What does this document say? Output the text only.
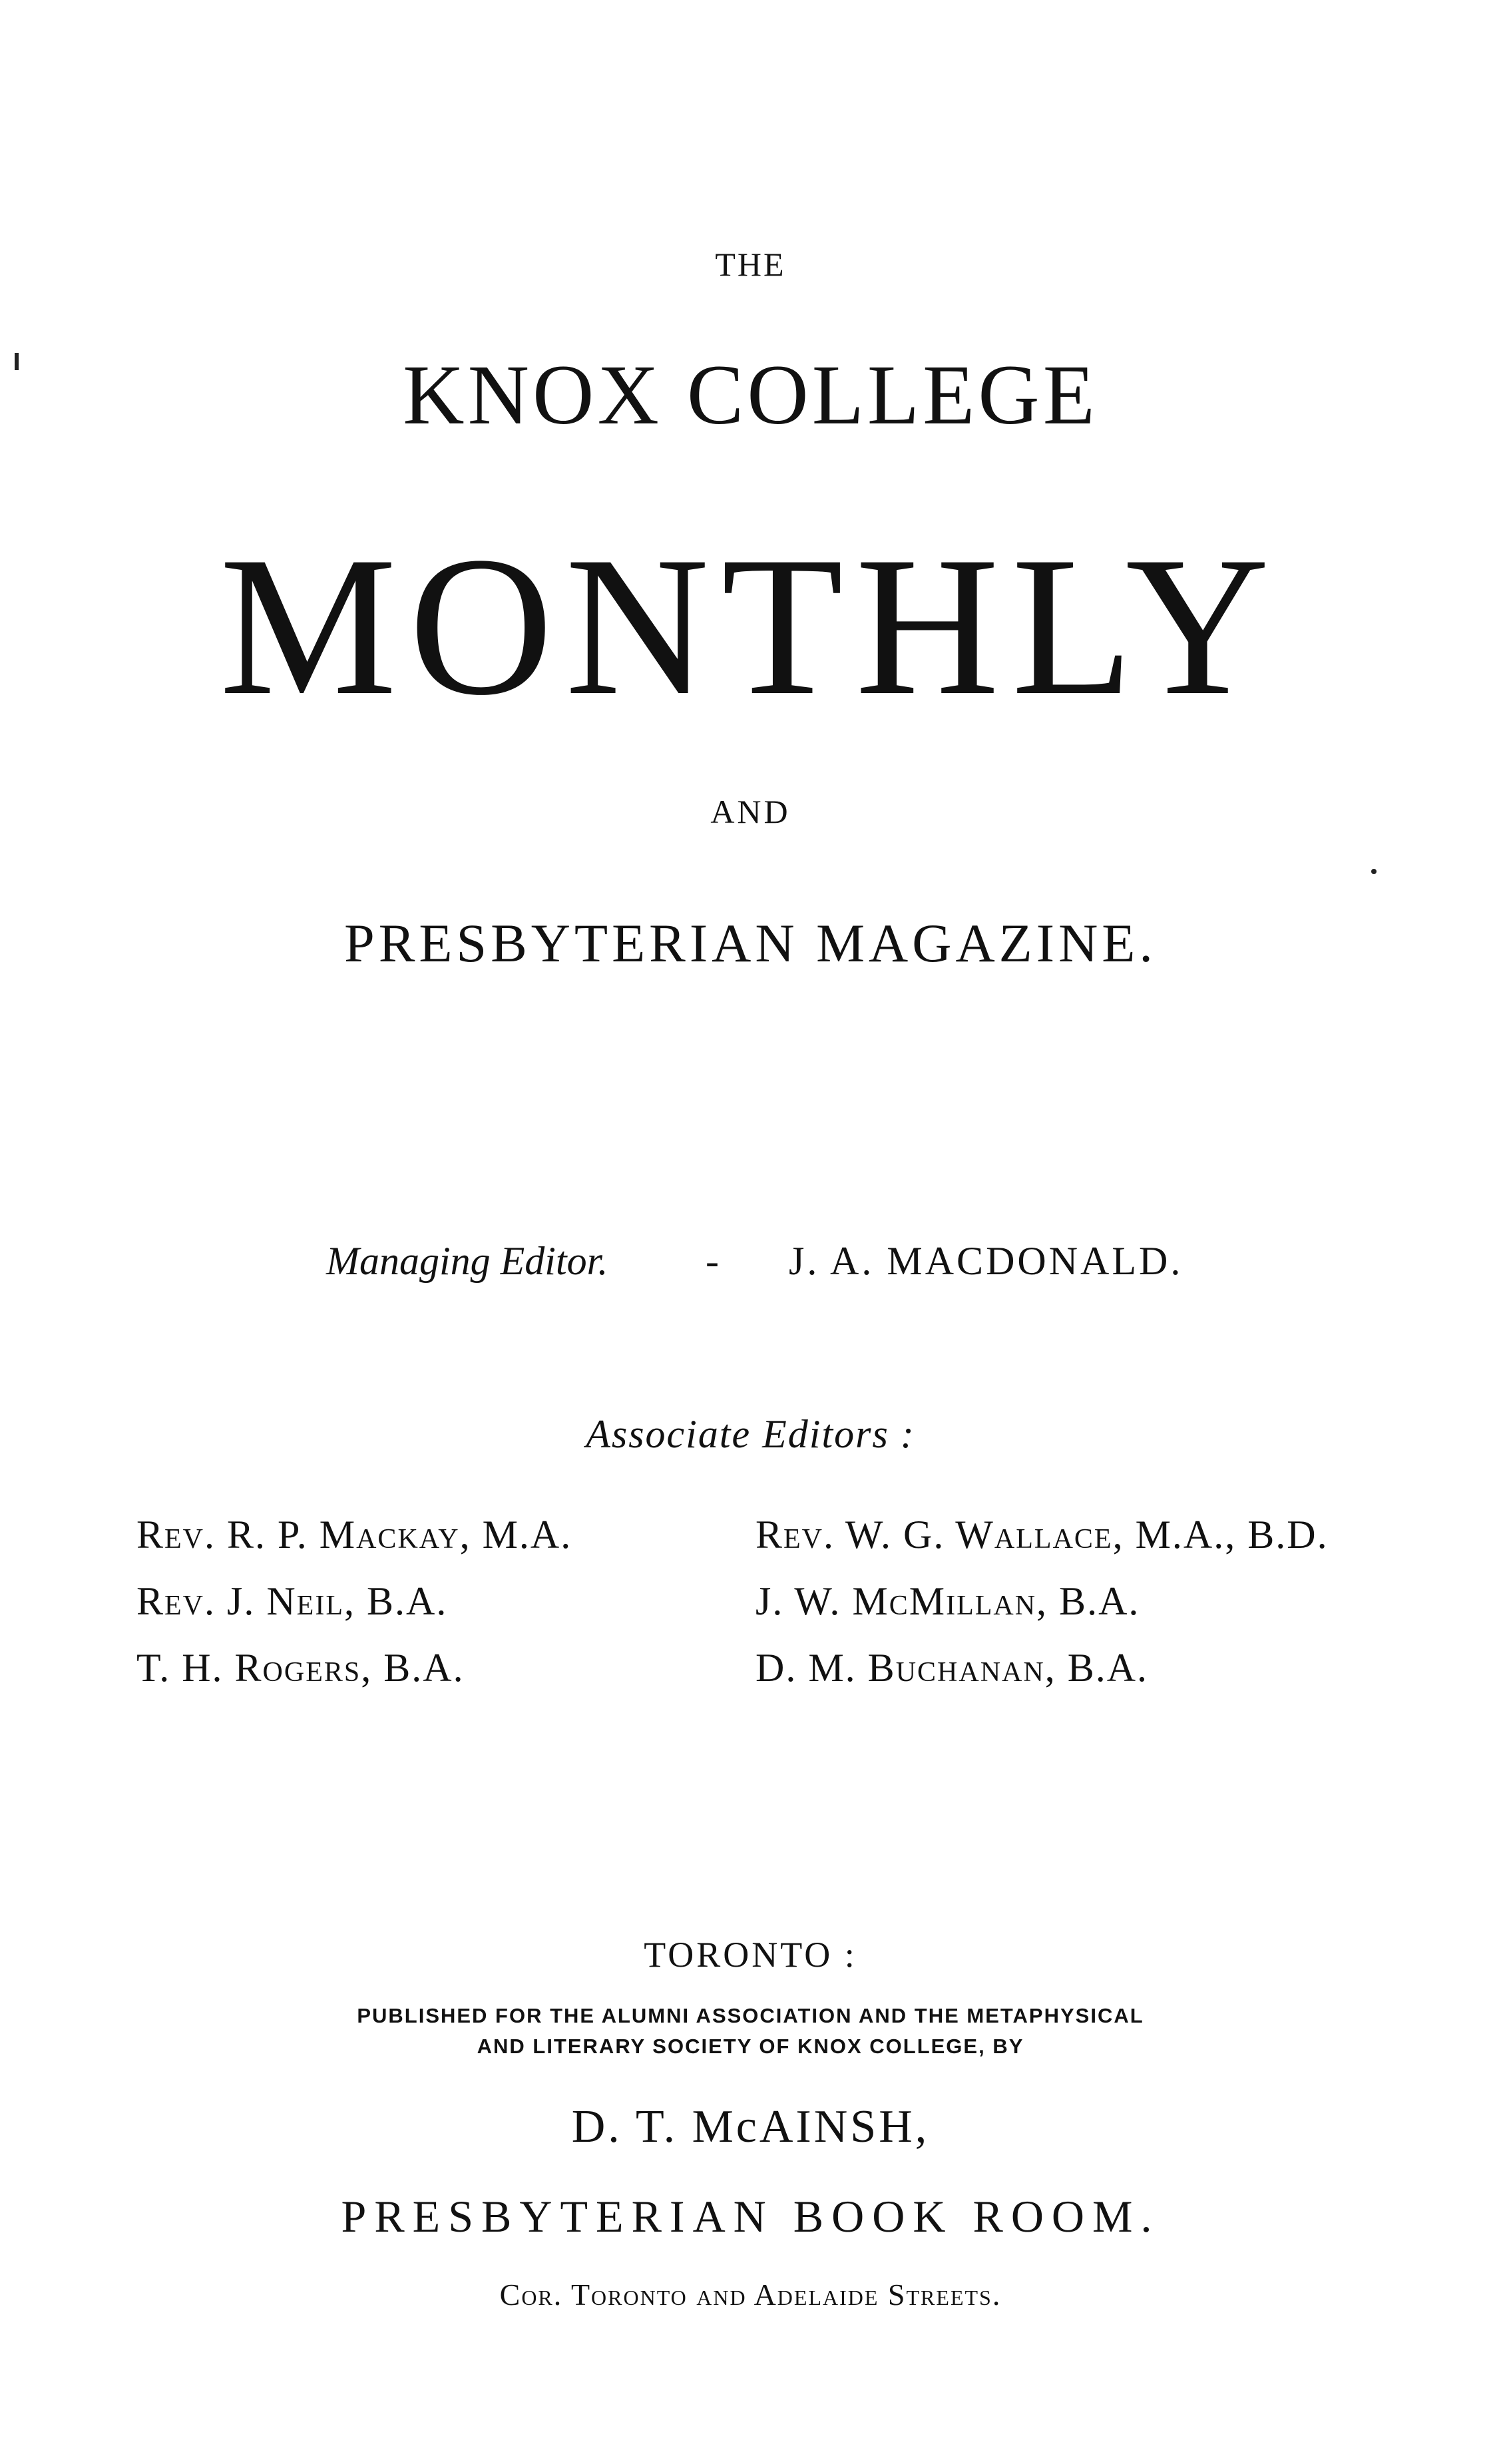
THE
KNOX COLLEGE
MONTHLY
AND
PRESBYTERIAN MAGAZINE.
Managing Editor. - J. A. MACDONALD.
Associate Editors :
Rev. R. P. Mackay, M.A.
Rev. J. Neil, B.A.
T. H. Rogers, B.A.
Rev. W. G. Wallace, M.A., B.D.
J. W. McMillan, B.A.
D. M. Buchanan, B.A.
TORONTO :
PUBLISHED FOR THE ALUMNI ASSOCIATION AND THE METAPHYSICAL
AND LITERARY SOCIETY OF KNOX COLLEGE, BY
D. T. McAINSH,
PRESBYTERIAN BOOK ROOM.
Cor. Toronto and Adelaide Streets.
